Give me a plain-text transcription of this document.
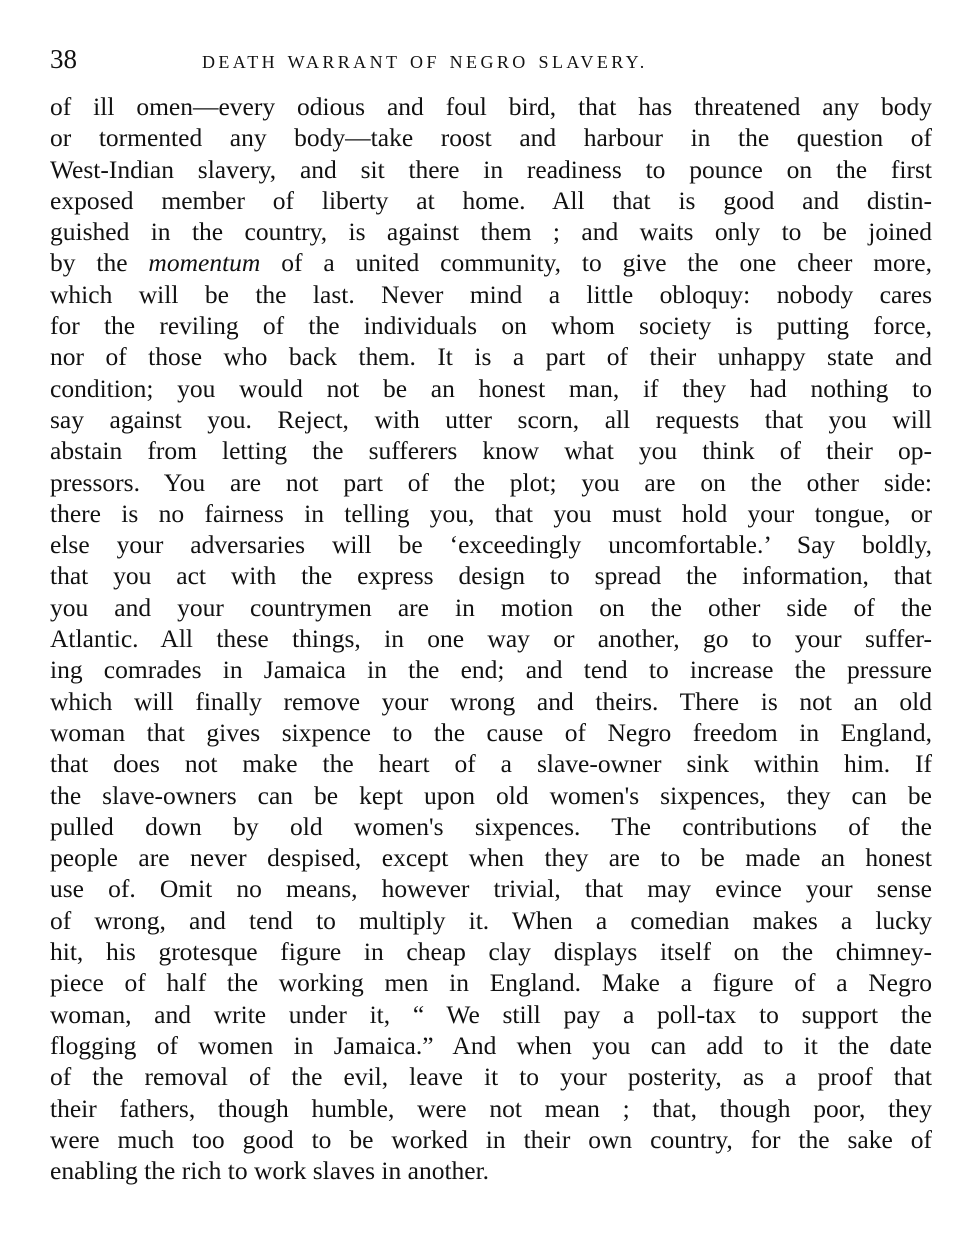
38	DEATH WARRANT OF NEGRO SLAVERY.
of ill omen—every odious and foul bird, that has threatened any body
or tormented any body—take roost and harbour in the question of
West-Indian slavery, and sit there in readiness to pounce on the first
exposed member of liberty at home. All that is good and distin-
guished in the country, is against them ; and waits only to be joined
by the momentum of a united community, to give the one cheer more,
which will be the last. Never mind a little obloquy: nobody cares
for the reviling of the individuals on whom society is putting force,
nor of those who back them. It is a part of their unhappy state and
condition; you would not be an honest man, if they had nothing to
say against you. Reject, with utter scorn, all requests that you will
abstain from letting the sufferers know what you think of their op-
pressors. You are not part of the plot; you are on the other side:
there is no fairness in telling you, that you must hold your tongue, or
else your adversaries will be ‘exceedingly uncomfortable.’ Say boldly,
that you act with the express design to spread the information, that
you and your countrymen are in motion on the other side of the
Atlantic. All these things, in one way or another, go to your suffer-
ing comrades in Jamaica in the end; and tend to increase the pressure
which will finally remove your wrong and theirs. There is not an old
woman that gives sixpence to the cause of Negro freedom in England,
that does not make the heart of a slave-owner sink within him. If
the slave-owners can be kept upon old women's sixpences, they can be
pulled down by old women's sixpences. The contributions of the
people are never despised, except when they are to be made an honest
use of. Omit no means, however trivial, that may evince your sense
of wrong, and tend to multiply it. When a comedian makes a lucky
hit, his grotesque figure in cheap clay displays itself on the chimney-
piece of half the working men in England. Make a figure of a Negro
woman, and write under it, “ We still pay a poll-tax to support the
flogging of women in Jamaica.” And when you can add to it the date
of the removal of the evil, leave it to your posterity, as a proof that
their fathers, though humble, were not mean ; that, though poor, they
were much too good to be worked in their own country, for the sake of
enabling the rich to work slaves in another.
